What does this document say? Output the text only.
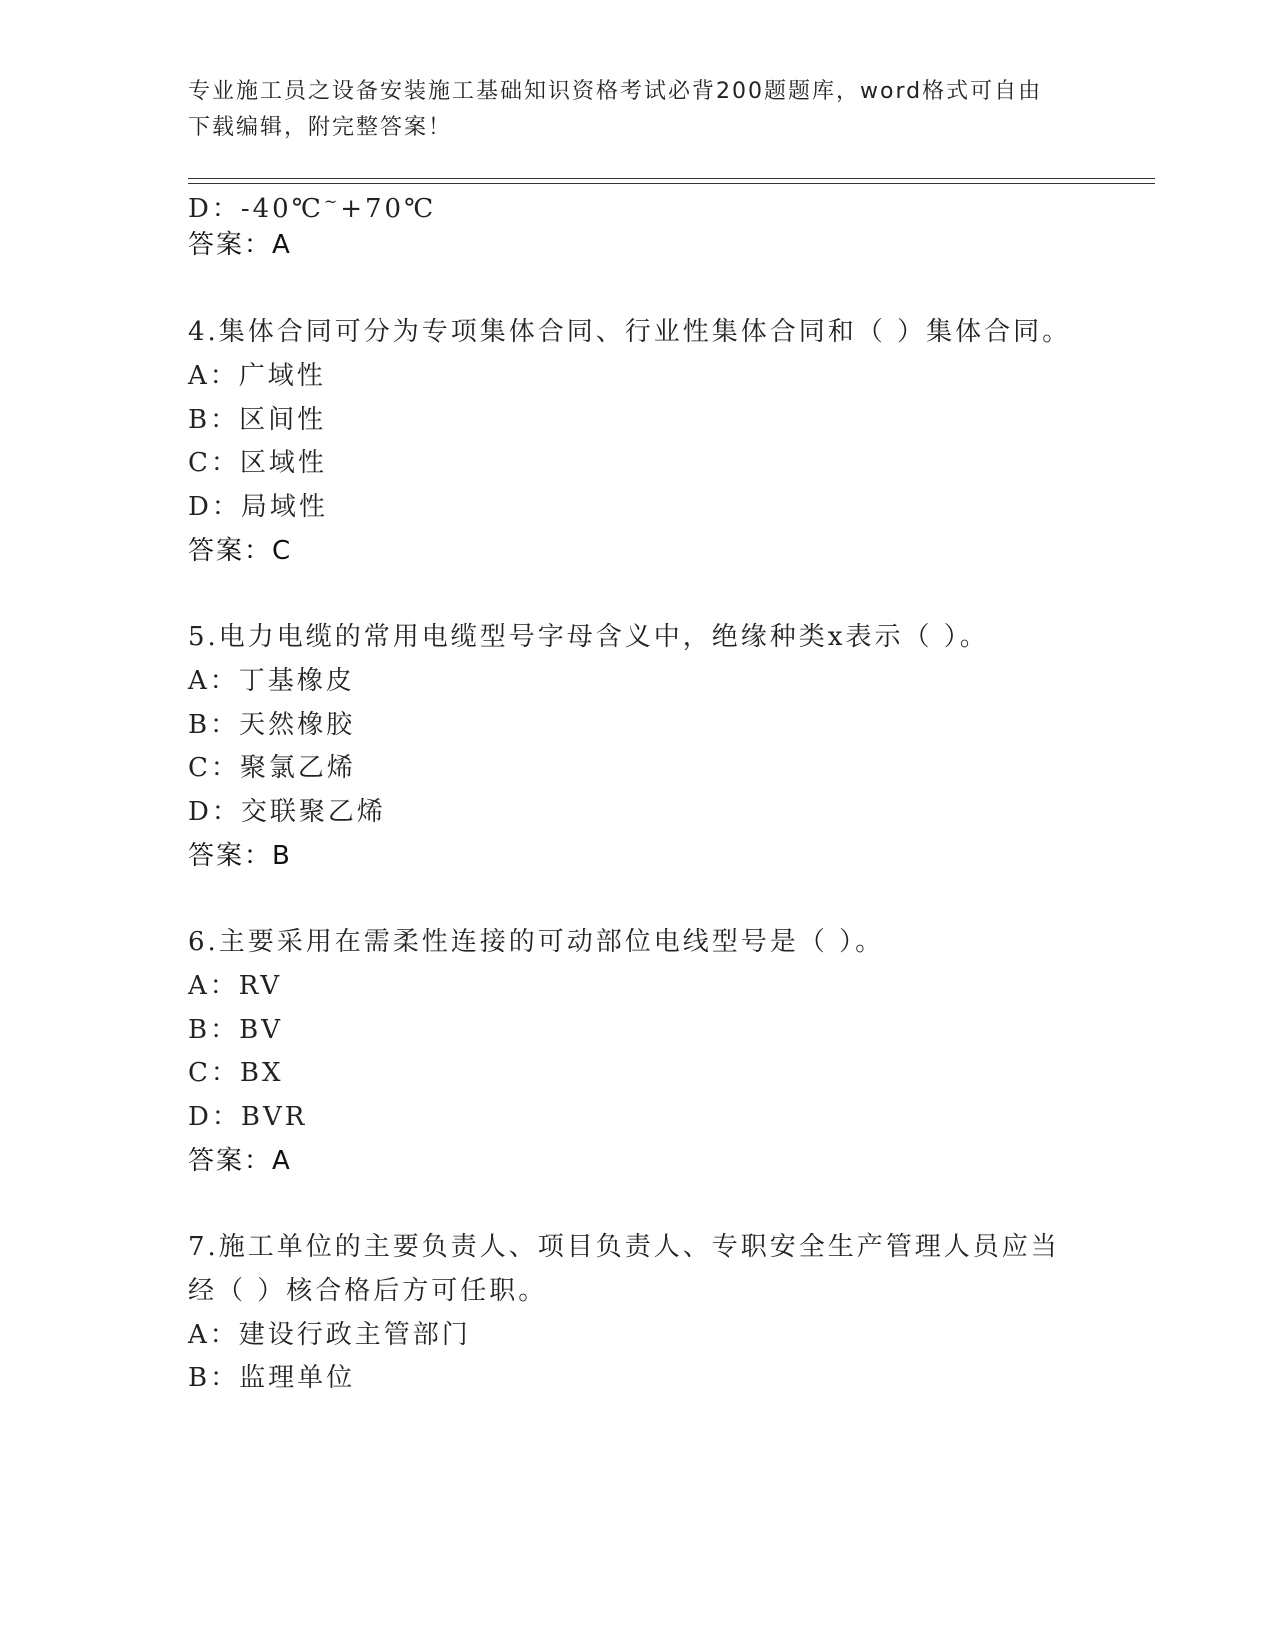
专业施工员之设备安装施工基础知识资格考试必背200题题库，word格式可自由
下载编辑，附完整答案！
D：-40℃~+70℃
答案：A
4.集体合同可分为专项集体合同、行业性集体合同和（ ）集体合同。
A：广域性
B：区间性
C：区域性
D：局域性
答案：C
5.电力电缆的常用电缆型号字母含义中，绝缘种类x表示（ ）。
A：丁基橡皮
B：天然橡胶
C：聚氯乙烯
D：交联聚乙烯
答案：B
6.主要采用在需柔性连接的可动部位电线型号是（ ）。
A：RV
B：BV
C：BX
D：BVR
答案：A
7.施工单位的主要负责人、项目负责人、专职安全生产管理人员应当
经（ ）核合格后方可任职。
A：建设行政主管部门
B：监理单位
